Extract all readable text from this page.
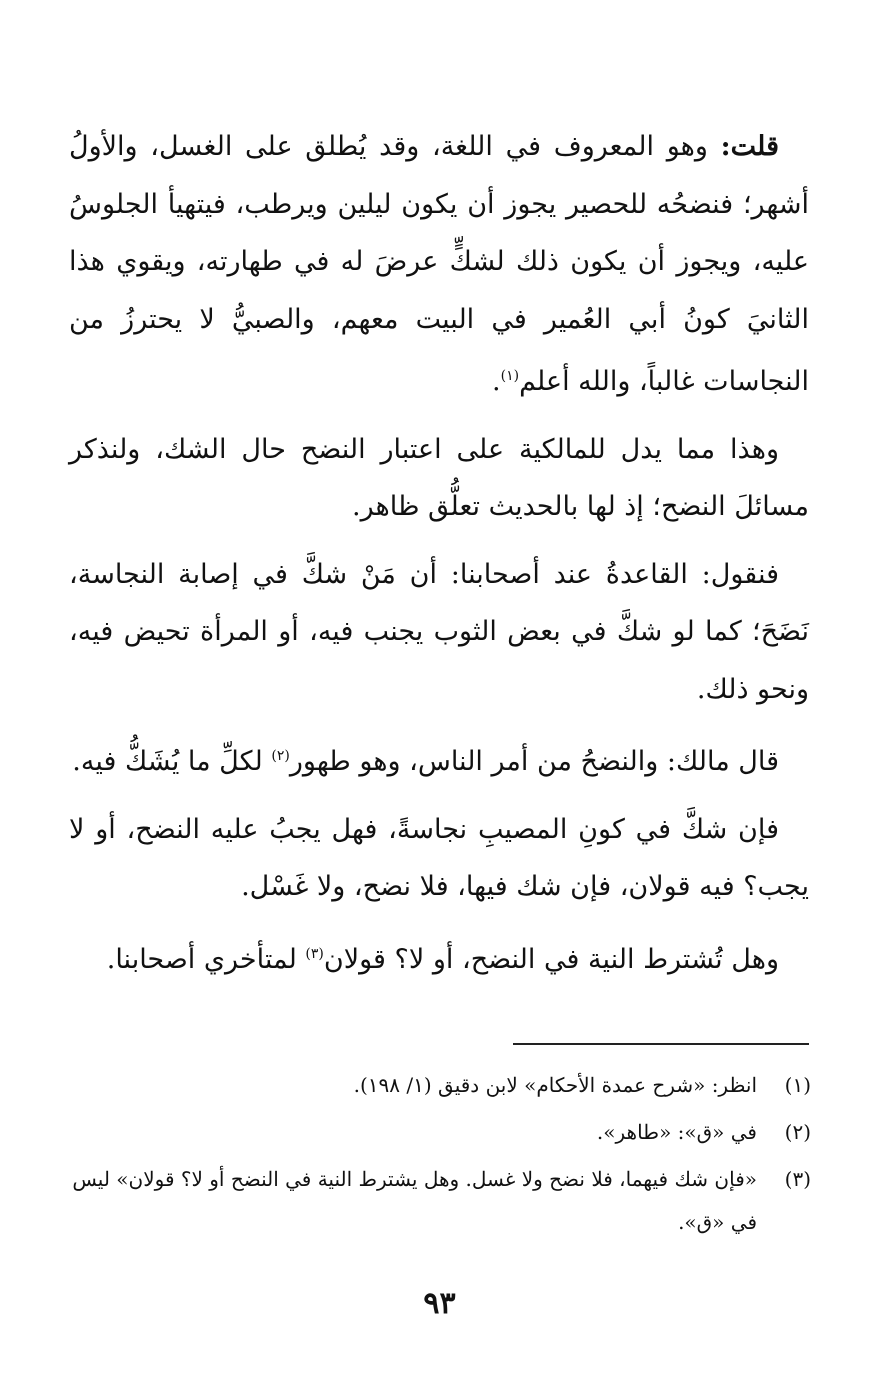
قلت: وهو المعروف في اللغة، وقد يُطلق على الغسل، والأولُ أشهر؛ فنضحُه للحصير يجوز أن يكون ليلين ويرطب، فيتهيأ الجلوسُ عليه، ويجوز أن يكون ذلك لشكٍّ عرضَ له في طهارته، ويقوي هذا الثانيَ كونُ أبي العُمير في البيت معهم، والصبيُّ لا يحترزُ من النجاسات غالباً، والله أعلم$^{(١)}$.

وهذا مما يدل للمالكية على اعتبار النضح حال الشك، ولنذكر مسائلَ النضح؛ إذ لها بالحديث تعلُّق ظاهر.

فنقول: القاعدةُ عند أصحابنا: أن مَنْ شكَّ في إصابة النجاسة، نَضَحَ؛ كما لو شكَّ في بعض الثوب يجنب فيه، أو المرأة تحيض فيه، ونحو ذلك.

قال مالك: والنضحُ من أمر الناس، وهو طهور$^{(٢)}$ لكلِّ ما يُشَكُّ فيه.

فإن شكَّ في كونِ المصيبِ نجاسةً، فهل يجبُ عليه النضح، أو لا يجب؟ فيه قولان، فإن شك فيها، فلا نضح، ولا غَسْل.

وهل تُشترط النية في النضح، أو لا؟ قولان$^{(٣)}$ لمتأخري أصحابنا.

(١)
انظر: «شرح عمدة الأحكام» لابن دقيق (١/ ١٩٨).
(٢)
في «ق»: «طاهر».
(٣)
«فإن شك فيهما، فلا نضح ولا غسل. وهل يشترط النية في النضح أو لا؟ قولان» ليس في «ق».
٩٣
